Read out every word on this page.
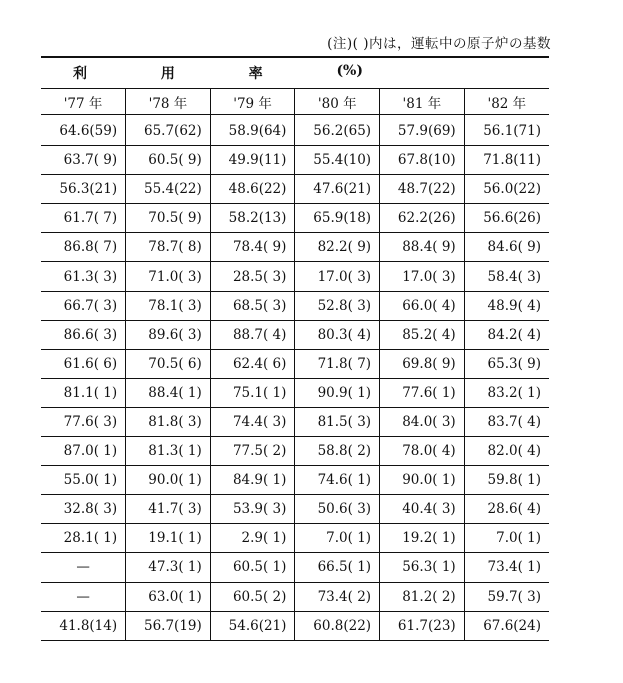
(注)( )内は，運転中の原子炉の基数
利 用 率 (%)					

'77 年	'78 年	'79 年	'80 年	'81 年	'82 年
64.6(59)	65.7(62)	58.9(64)	56.2(65)	57.9(69)	56.1(71)
63.7( 9)	60.5( 9)	49.9(11)	55.4(10)	67.8(10)	71.8(11)
56.3(21)	55.4(22)	48.6(22)	47.6(21)	48.7(22)	56.0(22)
61.7( 7)	70.5( 9)	58.2(13)	65.9(18)	62.2(26)	56.6(26)
86.8( 7)	78.7( 8)	78.4( 9)	82.2( 9)	88.4( 9)	84.6( 9)
61.3( 3)	71.0( 3)	28.5( 3)	17.0( 3)	17.0( 3)	58.4( 3)
66.7( 3)	78.1( 3)	68.5( 3)	52.8( 3)	66.0( 4)	48.9( 4)
86.6( 3)	89.6( 3)	88.7( 4)	80.3( 4)	85.2( 4)	84.2( 4)
61.6( 6)	70.5( 6)	62.4( 6)	71.8( 7)	69.8( 9)	65.3( 9)
81.1( 1)	88.4( 1)	75.1( 1)	90.9( 1)	77.6( 1)	83.2( 1)
77.6( 3)	81.8( 3)	74.4( 3)	81.5( 3)	84.0( 3)	83.7( 4)
87.0( 1)	81.3( 1)	77.5( 2)	58.8( 2)	78.0( 4)	82.0( 4)
55.0( 1)	90.0( 1)	84.9( 1)	74.6( 1)	90.0( 1)	59.8( 1)
32.8( 3)	41.7( 3)	53.9( 3)	50.6( 3)	40.4( 3)	28.6( 4)
28.1( 1)	19.1( 1)	2.9( 1)	7.0( 1)	19.2( 1)	7.0( 1)
—	47.3( 1)	60.5( 1)	66.5( 1)	56.3( 1)	73.4( 1)
—	63.0( 1)	60.5( 2)	73.4( 2)	81.2( 2)	59.7( 3)
41.8(14)	56.7(19)	54.6(21)	60.8(22)	61.7(23)	67.6(24)
